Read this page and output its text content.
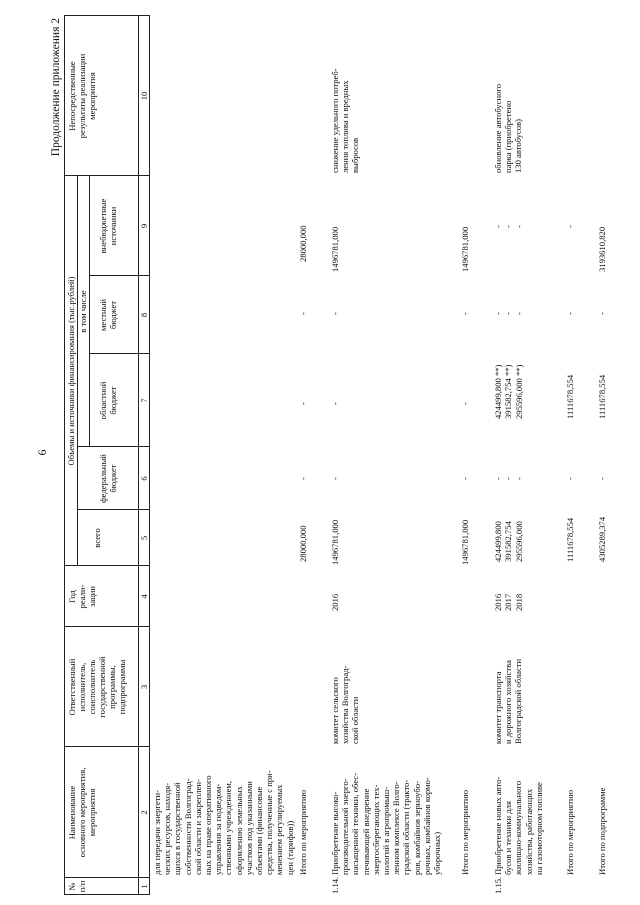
6
Продолжение приложения 2
№
п/п
Наименование
основного мероприятия,
мероприятия
Ответственный
исполнитель,
соисполнитель
государственной
программы,
подпрограммы
Год
реали-
зации
Объемы и источники финансирования (тыс.рублей)
всего
в том числе
федеральный
бюджет
областной
бюджет
местный
бюджет
внебюджетные
источники
Непосредственные
результаты реализации
мероприятия
1
2
3
4
5
6
7
8
9
10
для передачи энергети-
ческих ресурсов, находя-
щихся в государственной
собственности Волгоград-
ской области и закреплен-
ных на праве оперативного
управления за подведом-
ственными учреждением,
оформлению земельных
участков под указанными
объектами (финансовые
средства, полученные с при-
менением регулируемых
цен (тарифов)) Итого по мероприятию
28000,000
-
-
-
28000,000
1.14.
Приобретение высоко-
производительной энерго-
насыщенной техники, обес-
печивающей внедрение
энергосберегающих тех-
нологий в агропромыш-
ленном комплексе Волго-
градской области (тракто-
ров, комбайнов зерноубо-
рочных, комбайнов кормо-
уборочных)
комитет сельского
хозяйства Волгоград-
ской области
2016
1496781,000
-
-
-
1496781,000
снижение удельного потреб-
ления топлива и вредных
выбросов
Итого по мероприятию
1496781,000
-
-
-
1496781,000
1.15.
Приобретение новых авто-
бусов и техники для
жилищно-коммунального
хозяйства, работающих
на газомоторном топливе
комитет транспорта
и дорожного хозяйства
Волгоградской области
2016
2017
2018
424499,800
391582,754
295596,000
-
-
-
424499,800 **)
391582,754 **)
295596,000 **)
-
-
-
-
-
-
обновление автобусного
парка (приобретено
130 автобусов)
Итого по мероприятию
1111678,554
-
1111678,554
-
-
Итого по подпрограмме
4305289,374
-
1111678,554
-
3193610,820
